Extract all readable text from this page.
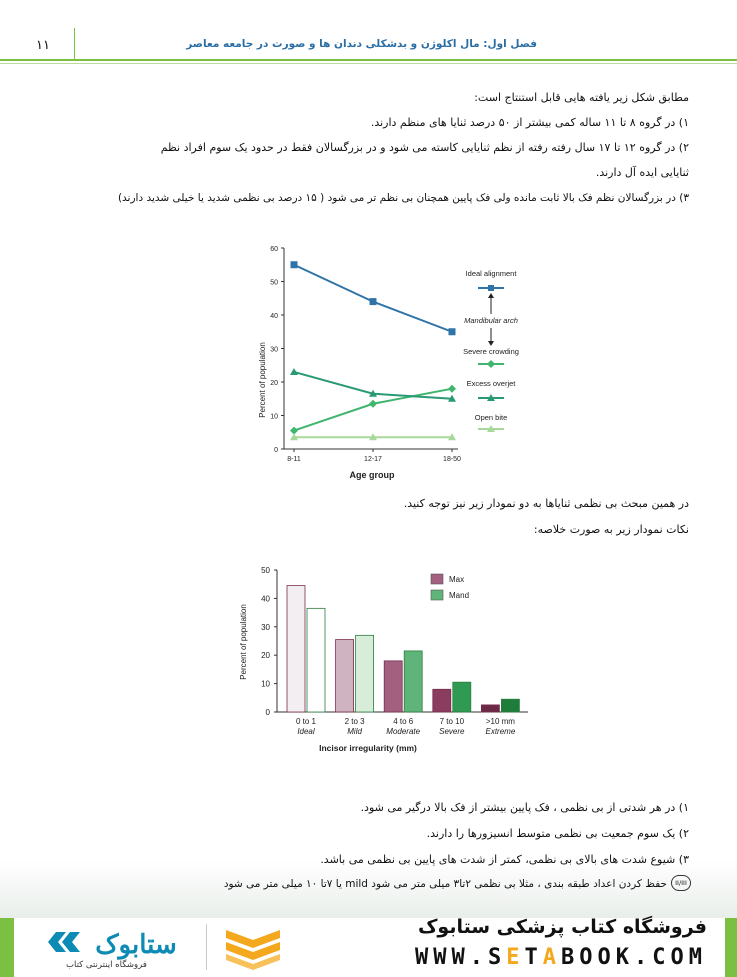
فصل اول: مال اکلوژن و بدشکلی دندان ها و صورت در جامعه معاصر
۱۱
مطابق شکل زیر یافته هایی قابل استنتاج است:
۱) در گروه ۸ تا ۱۱ ساله کمی بیشتر از ۵۰ درصد ثنایا های منظم دارند.
۲) در گروه ۱۲ تا ۱۷ سال رفته رفته از نظم ثنایایی کاسته می شود و در بزرگسالان فقط در حدود یک سوم افراد نظم
ثنایایی ایده آل دارند.
۳) در بزرگسالان نظم فک بالا ثابت مانده ولی فک پایین همچنان بی نظم تر می شود ( ۱۵ درصد بی نظمی شدید یا خیلی شدید دارند)
Percent of population
Age group
0
10
20
30
40
50
60
8-11	12-17	18-50
Ideal alignment
Mandibular arch
Severe crowding
Excess overjet
Open bite
در همین مبحث بی نظمی ثنایاها به دو نمودار زیر نیز توجه کنید.
نکات نمودار زیر به صورت خلاصه:
Percent of population
Incisor irregularity (mm)
0
10
20
30
40
50
0 to 1
Ideal
2 to 3
Mild
4 to 6
Moderate
7 to 10
Severe
>10 mm
Extreme
Max
Mand
۱) در هر شدتی از بی نظمی ، فک پایین بیشتر از فک بالا درگیر می شود.
۲) یک سوم جمعیت بی نظمی متوسط انسیزورها را دارند.
۳) شیوع شدت های بالای بی نظمی، کمتر از شدت های پایین بی نظمی می باشد.
حفظ کردن اعداد طبقه بندی ، مثلا بی نظمی ۲تا۳ میلی متر می شود mild یا ۷تا ۱۰ میلی متر می شود	II/III
ستابوک
فروشگاه اینترنتی کتاب
فروشگاه کتاب پزشکی ستابوک
WWW.SETABOOK.COM
